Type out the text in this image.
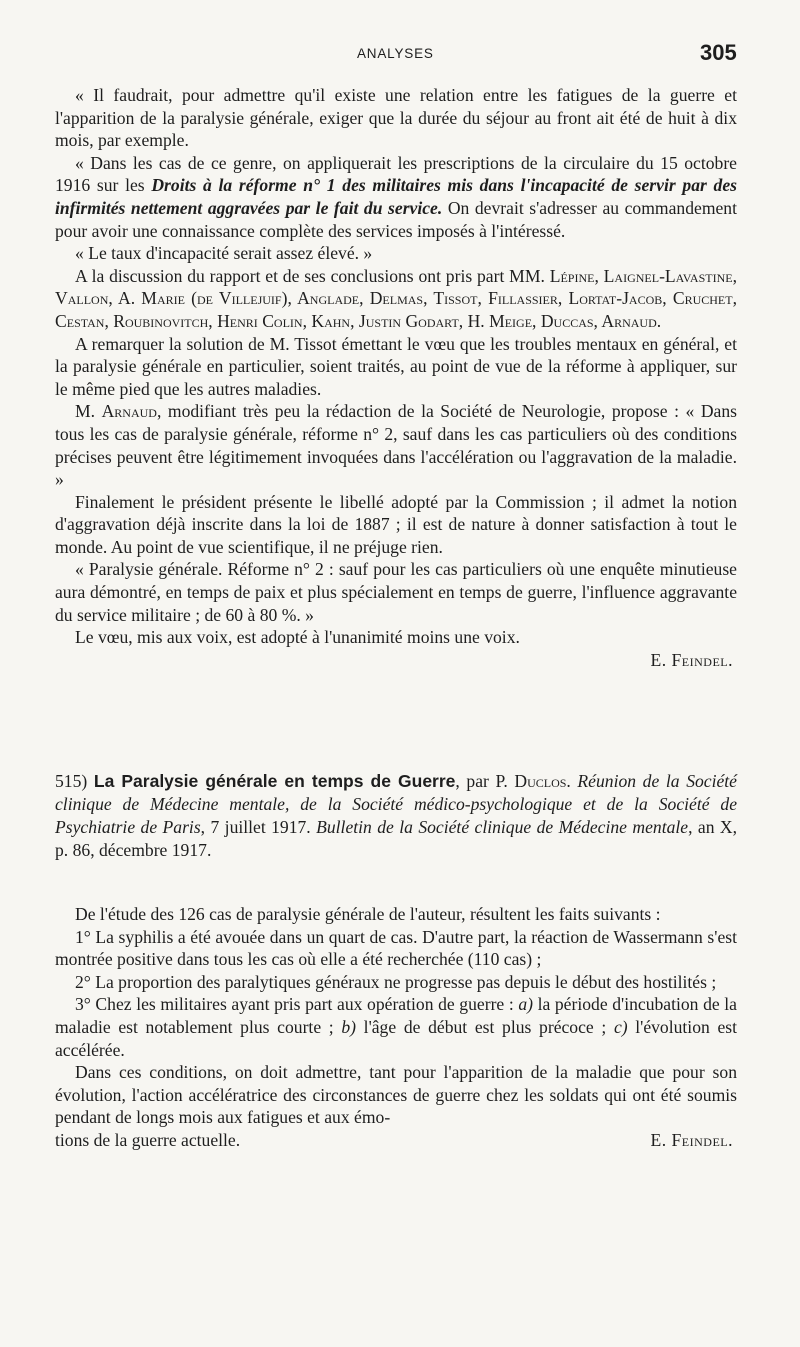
ANALYSES	305

« Il faudrait, pour admettre qu'il existe une relation entre les fatigues de la guerre et l'apparition de la paralysie générale, exiger que la durée du séjour au front ait été de huit à dix mois, par exemple.

« Dans les cas de ce genre, on appliquerait les prescriptions de la circulaire du 15 octobre 1916 sur les Droits à la réforme n° 1 des militaires mis dans l'incapacité de servir par des infirmités nettement aggravées par le fait du service. On devrait s'adresser au commandement pour avoir une connaissance complète des services imposés à l'intéressé.

« Le taux d'incapacité serait assez élevé. »

A la discussion du rapport et de ses conclusions ont pris part MM. Lépine, Laignel-Lavastine, Vallon, A. Marie (de Villejuif), Anglade, Delmas, Tissot, Fillassier, Lortat-Jacob, Cruchet, Cestan, Roubinovitch, Henri Colin, Kahn, Justin Godart, H. Meige, Duccas, Arnaud.

A remarquer la solution de M. Tissot émettant le vœu que les troubles mentaux en général, et la paralysie générale en particulier, soient traités, au point de vue de la réforme à appliquer, sur le même pied que les autres maladies.

M. Arnaud, modifiant très peu la rédaction de la Société de Neurologie, propose : « Dans tous les cas de paralysie générale, réforme n° 2, sauf dans les cas particuliers où des conditions précises peuvent être légitimement invoquées dans l'accélération ou l'aggravation de la maladie. »

Finalement le président présente le libellé adopté par la Commission ; il admet la notion d'aggravation déjà inscrite dans la loi de 1887 ; il est de nature à donner satisfaction à tout le monde. Au point de vue scientifique, il ne préjuge rien.

« Paralysie générale. Réforme n° 2 : sauf pour les cas particuliers où une enquête minutieuse aura démontré, en temps de paix et plus spécialement en temps de guerre, l'influence aggravante du service militaire ; de 60 à 80 %. »

Le vœu, mis aux voix, est adopté à l'unanimité moins une voix.

E. Feindel.

515) La Paralysie générale en temps de Guerre, par P. Duclos. Réunion de la Société clinique de Médecine mentale, de la Société médico-psychologique et de la Société de Psychiatrie de Paris, 7 juillet 1917. Bulletin de la Société clinique de Médecine mentale, an X, p. 86, décembre 1917.

De l'étude des 126 cas de paralysie générale de l'auteur, résultent les faits suivants :

1° La syphilis a été avouée dans un quart de cas. D'autre part, la réaction de Wassermann s'est montrée positive dans tous les cas où elle a été recherchée (110 cas) ;

2° La proportion des paralytiques généraux ne progresse pas depuis le début des hostilités ;

3° Chez les militaires ayant pris part aux opération de guerre : a) la période d'incubation de la maladie est notablement plus courte ; b) l'âge de début est plus précoce ; c) l'évolution est accélérée.

Dans ces conditions, on doit admettre, tant pour l'apparition de la maladie que pour son évolution, l'action accélératrice des circonstances de guerre chez les soldats qui ont été soumis pendant de longs mois aux fatigues et aux émo-

tions de la guerre actuelle.	E. Feindel.
